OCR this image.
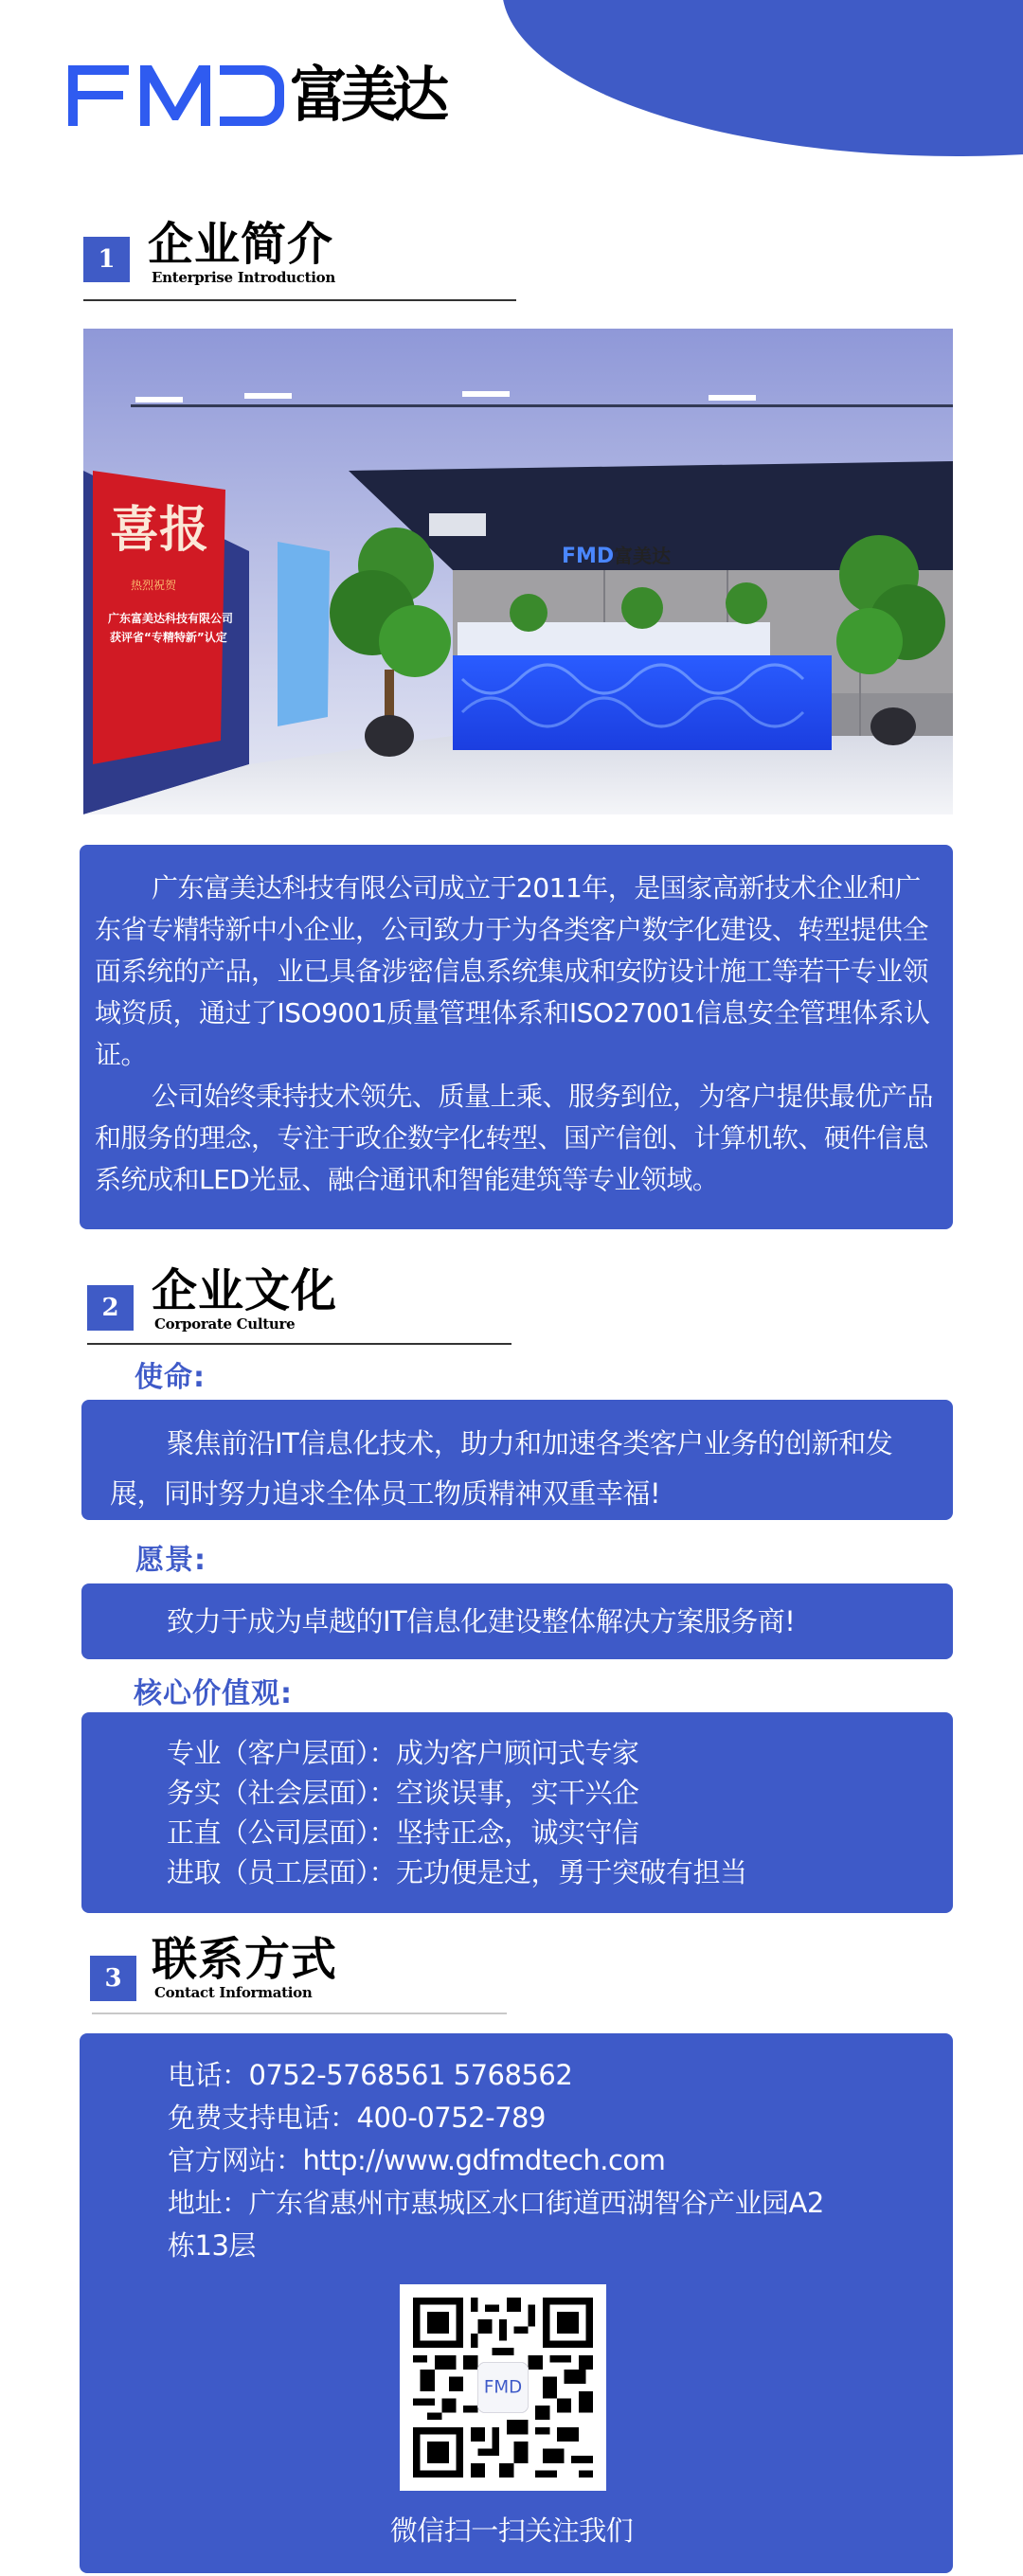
富美达
1 企业简介
Enterprise Introduction
FMD 富美达
喜报
热烈祝贺
广东富美达科技有限公司
获评省“专精特新”认定

广东富美达科技有限公司成立于2011年，是国家高新技术企业和广东省专精特新中小企业，公司致力于为各类客户数字化建设、转型提供全面系统的产品，业已具备涉密信息系统集成和安防设计施工等若干专业领域资质，通过了ISO9001质量管理体系和ISO27001信息安全管理体系认证。

公司始终秉持技术领先、质量上乘、服务到位，为客户提供最优产品和服务的理念，专注于政企数字化转型、国产信创、计算机软、硬件信息系统成和LED光显、融合通讯和智能建筑等专业领域。

2 企业文化
Corporate Culture
使命:

聚焦前沿IT信息化技术，助力和加速各类客户业务的创新和发展，同时努力追求全体员工物质精神双重幸福!

愿景:

致力于成为卓越的IT信息化建设整体解决方案服务商!

核心价值观:

专业（客户层面）：成为客户顾问式专家

务实（社会层面）：空谈误事，实干兴企

正直（公司层面）：坚持正念，诚实守信

进取（员工层面）：无功便是过，勇于突破有担当

3 联系方式
Contact Information

电话：0752-5768561 5768562

免费支持电话：400-0752-789

官方网站：http://www.gdfmdtech.com

地址：广东省惠州市惠城区水口街道西湖智谷产业园A2

栋13层

FMD

微信扫一扫关注我们
